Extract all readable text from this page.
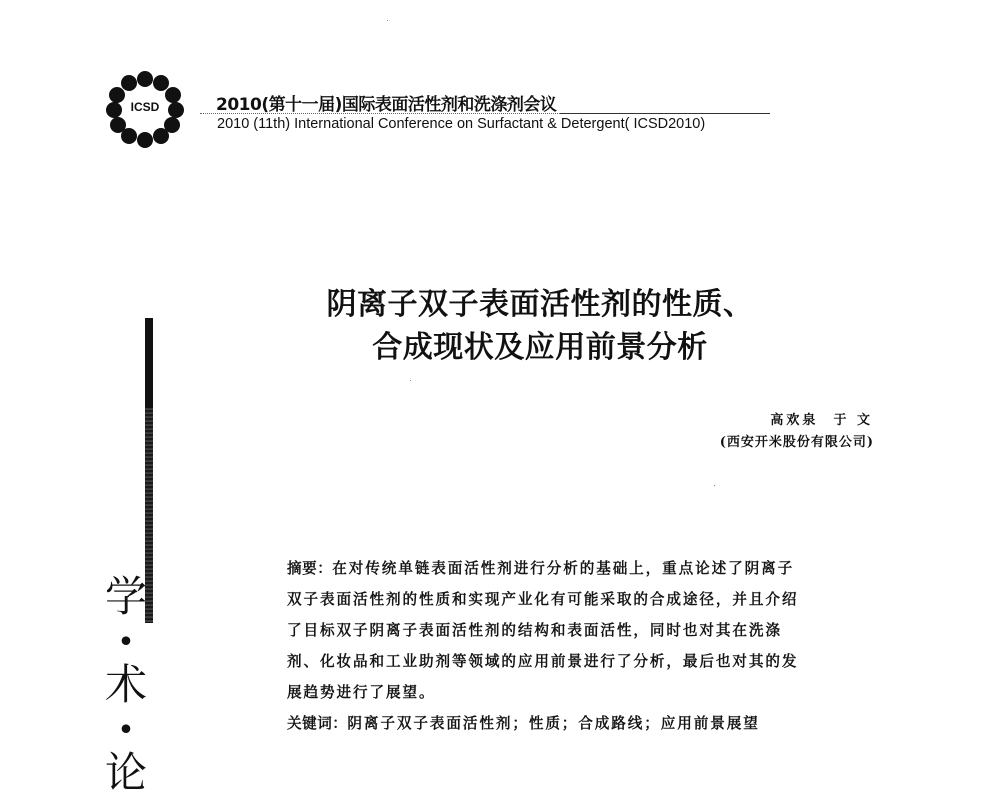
ICSD	2010(第十一届)国际表面活性剂和洗涤剂会议
2010 (11th) International Conference on Surfactant & Detergent( ICSD2010)
阴离子双子表面活性剂的性质、
合成现状及应用前景分析
高欢泉  于 文
(西安开米股份有限公司)
学
•
术
•
论
摘要：在对传统单链表面活性剂进行分析的基础上，重点论述了阴离子双子表面活性剂的性质和实现产业化有可能采取的合成途径，并且介绍了目标双子阴离子表面活性剂的结构和表面活性，同时也对其在洗涤剂、化妆品和工业助剂等领域的应用前景进行了分析，最后也对其的发展趋势进行了展望。
关键词：阴离子双子表面活性剂；性质；合成路线；应用前景展望
